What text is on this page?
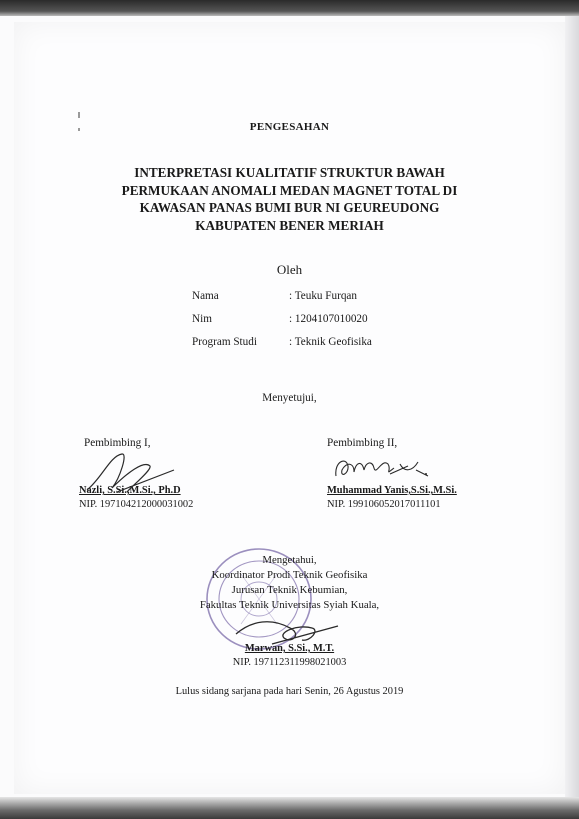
PENGESAHAN
INTERPRETASI KUALITATIF STRUKTUR BAWAH
PERMUKAAN ANOMALI MEDAN MAGNET TOTAL DI
KAWASAN PANAS BUMI BUR NI GEUREUDONG
KABUPATEN BENER MERIAH
Oleh
Nama	: Teuku Furqan
Nim	: 1204107010020
Program Studi	: Teknik Geofisika
Menyetujui,
Pembimbing I,
Nazli, S.Si.,M.Si., Ph.D
NIP. 197104212000031002
Pembimbing II,
Muhammad Yanis,S.Si.,M.Si.
NIP. 199106052017011101
Mengetahui,
Koordinator Prodi Teknik Geofisika
Jurusan Teknik Kebumian,
Fakultas Teknik Universitas Syiah Kuala,
Marwan, S.Si., M.T.
NIP. 197112311998021003
Lulus sidang sarjana pada hari Senin, 26 Agustus 2019
